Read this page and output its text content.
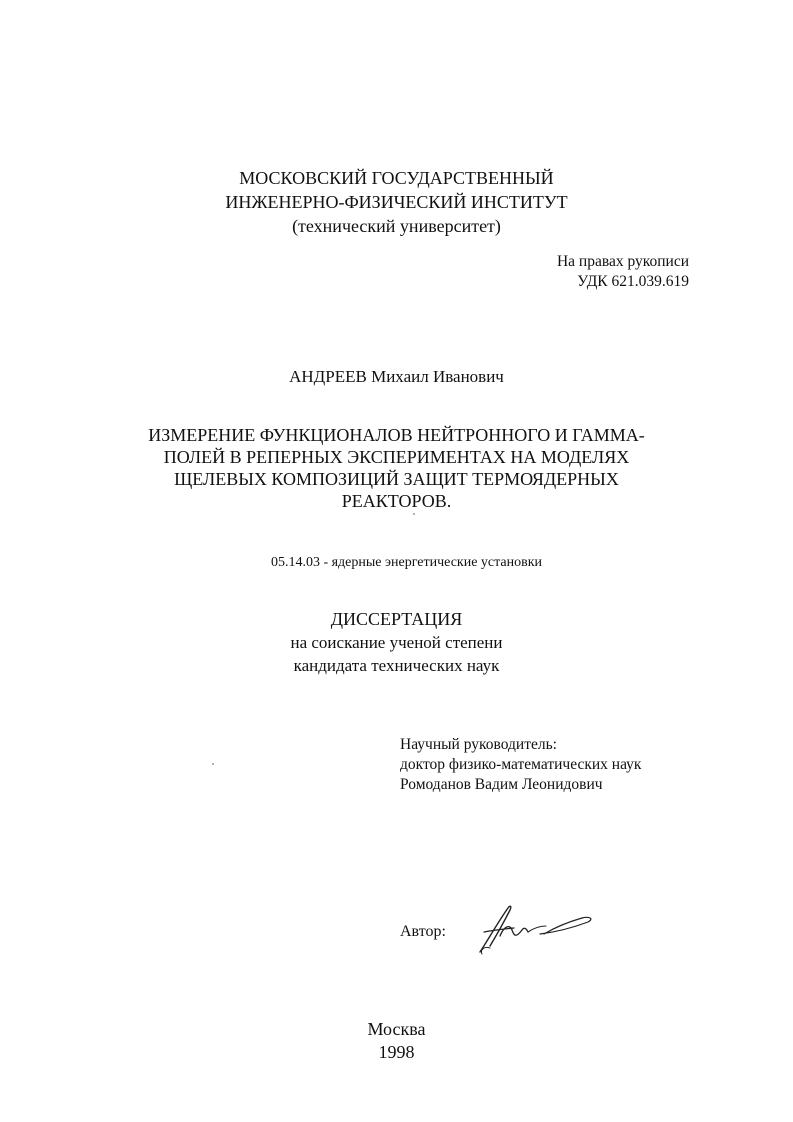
МОСКОВСКИЙ ГОСУДАРСТВЕННЫЙ
ИНЖЕНЕРНО-ФИЗИЧЕСКИЙ ИНСТИТУТ
(технический университет)
На правах рукописи
УДК 621.039.619
АНДРЕЕВ Михаил Иванович
ИЗМЕРЕНИЕ ФУНКЦИОНАЛОВ НЕЙТРОННОГО И ГАММА-
ПОЛЕЙ В РЕПЕРНЫХ ЭКСПЕРИМЕНТАХ НА МОДЕЛЯХ
ЩЕЛЕВЫХ КОМПОЗИЦИЙ ЗАЩИТ ТЕРМОЯДЕРНЫХ
РЕАКТОРОВ.
05.14.03 - ядерные энергетические установки
ДИССЕРТАЦИЯ
на соискание ученой степени
кандидата технических наук
Научный руководитель:
доктор физико-математических наук
Ромоданов Вадим Леонидович
Автор:
Москва
1998
